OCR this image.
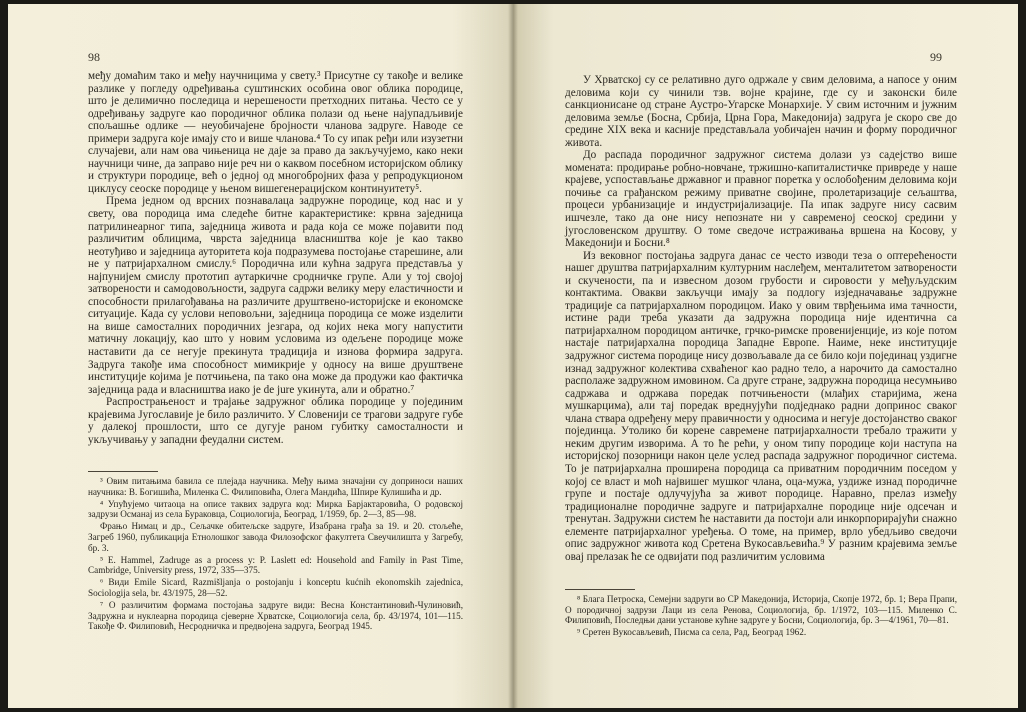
98

међу домаћим тако и међу научницима у свету.³ Присутне су такође и велике разлике у погледу одређивања суштинских особина овог облика породице, што је делимично последица и нерешености претходних питања. Често се у одређивању задруге као породичног облика полази од њене најупадљивије спољашње одлике — неуобичајене бројности чланова задруге. Наводе се примери задруга које имају сто и више чланова.⁴ То су ипак ређи или изузетни случајеви, али нам ова чињеница не даје за право да закључујемо, како неки научници чине, да заправо није реч ни о каквом посебном историјском облику и структури породице, већ о једној од многобројних фаза у репродукционом циклусу сеоске породице у њеном вишегенерацијском континуитету⁵.

Према једном од врсних познавалаца задружне породице, код нас и у свету, ова породица има следеће битне карактеристике: крвна заједница патрилинеарног типа, заједница живота и рада која се може појавити под различитим облицима, чврста заједница власништва које је као такво неотуђиво и заједница ауторитета која подразумева постојање старешине, али не у патријархалном смислу.⁶ Породична или кућна задруга представља у најпунијем смислу прототип аутаркичне сродничке групе. Али у тој својој затворености и самодовољности, задруга садржи велику меру еластичности и способности прилагођавања на различите друштвено-историјске и економске ситуације. Када су услови неповољни, заједница породица се може изделити на више самосталних породичних језгара, од којих нека могу напустити матичну локацију, као што у новим условима из одељене породице може наставити да се негује прекинута традиција и изнова формира задруга. Задруга такође има способност мимикрије у односу на више друштвене институције којима је потчињена, па тако она може да продужи као фактичка заједница рада и власништва иако је de jure укинута, али и обратно.⁷

Распрострањеност и трајање задружног облика породице у појединим крајевима Југославије је било различито. У Словенији се трагови задруге губе у далекој прошлости, што се дугује раном губитку самосталности и укључивању у западни феудални систем.

³ Овим питањима бавила се плејада научника. Међу њима значајни су доприноси наших научника: В. Богишића, Миленка С. Филиповића, Олега Мандића, Шпире Кулишића и др.

⁴ Упућујемо читаоца на описе таквих задруга код: Мирка Барјактаровића, О родовској задрузи Османај из села Бураковца, Социологија, Београд, 1/1959, бр. 2—3, 85—98.

Фрањо Нимац и др., Сељачке обитељске задруге, Изабрана грађа за 19. и 20. стољеће, Загреб 1960, публикација Етнолошког завода Филозофског факултета Свеучилишта у Загребу, бр. 3.

⁵ E. Hammel, Zadruge as a process у: P. Laslett ed: Household and Family in Past Time, Cambridge, University press, 1972, 335—375.

⁶ Види Emile Sicard, Razmišljanja o postojanju i konceptu kućnih ekonomskih zajednica, Sociologija sela, br. 43/1975, 28—52.

⁷ О различитим формама постојања задруге види: Весна Константиновић-Чулиновић, Задружна и нуклеарна породица сјеверне Хрватске, Социологија села, бр. 43/1974, 101—115. Такође Ф. Филиповић, Несродничка и предвојена задруга, Београд 1945.

99

У Хрватској су се релативно дуго одржале у свим деловима, а напосе у оним деловима који су чинили тзв. војне крајине, где су и законски биле санкционисане од стране Аустро-Угарске Монархије. У свим источним и јужним деловима земље (Босна, Србија, Црна Гора, Македонија) задруга је скоро све до средине XIX века и касније представљала уобичајен начин и форму породичног живота.

До распада породичног задружног система долази уз садејство више момената: продирање робно-новчане, тржишно-капиталистичке привреде у наше крајеве, успостављање државног и правног поретка у ослобођеним деловима који почиње са грађанском режиму приватне својине, пролетаризације сељаштва, процеси урбанизације и индустријализације. Па ипак задруге нису сасвим ишчезле, тако да оне нису непознате ни у савременој сеоској средини у југословенском друштву. О томе сведоче истраживања вршена на Косову, у Македонији и Босни.⁸

Из вековног постојања задруга данас се често изводи теза о оптерећености нашег друштва патријархалним културним наслеђем, менталитетом затворености и скучености, па и извесном дозом грубости и сировости у међуљудским контактима. Овакви закључци имају за подлогу изједначавање задружне традиције са патријархалном породицом. Иако у овим тврђењима има тачности, истине ради треба указати да задружна породица није идентична са патријархалном породицом античке, грчко-римске провенијенције, из које потом настаје патријархална породица Западне Европе. Наиме, неке институције задружног система породице нису дозвољавале да се било који појединац уздигне изнад задружног колектива схваћеног као радно тело, а нарочито да самостално располаже задружном имовином. Са друге стране, задружна породица несумњиво садржава и одржава поредак потчињености (млађих старијима, жена мушкарцима), али тај поредак вреднујући подједнако радни допринос сваког члана ствара одређену меру правичности у односима и негује достојанство сваког појединца. Утолико би корене савремене патријархалности требало тражити у неким другим изворима. А то ће рећи, у оном типу породице који наступа на историјској позорници након целе услед распада задружног породичног система. То је патријархална проширена породица са приватним породичним поседом у којој се власт и моћ највишег мушког члана, оца-мужа, уздиже изнад породичне групе и постаје одлучујућа за живот породице. Наравно, прелаз између традиционалне породичне задруге и патријархалне породице није одсечан и тренутан. Задружни систем ће наставити да постоји али инкорпорирајући снажно елементе патријархалног уређења. О томе, на пример, врло убедљиво сведочи опис задружног живота код Сретена Вукосављевића.⁹ У разним крајевима земље овај прелазак ће се одвијати под различитим условима

⁸ Благa Петроска, Семејни задруги во СР Македонија, Историја, Скопје 1972, бр. 1; Вера Прапи, О породичној задрузи Лаци из села Ренова, Социологија, бр. 1/1972, 103—115. Миленко С. Филиповић, Последњи дани установе кућне задруге у Босни, Социологија, бр. 3—4/1961, 70—81.

⁹ Сретен Вукосављевић, Писма са села, Рад, Београд 1962.
